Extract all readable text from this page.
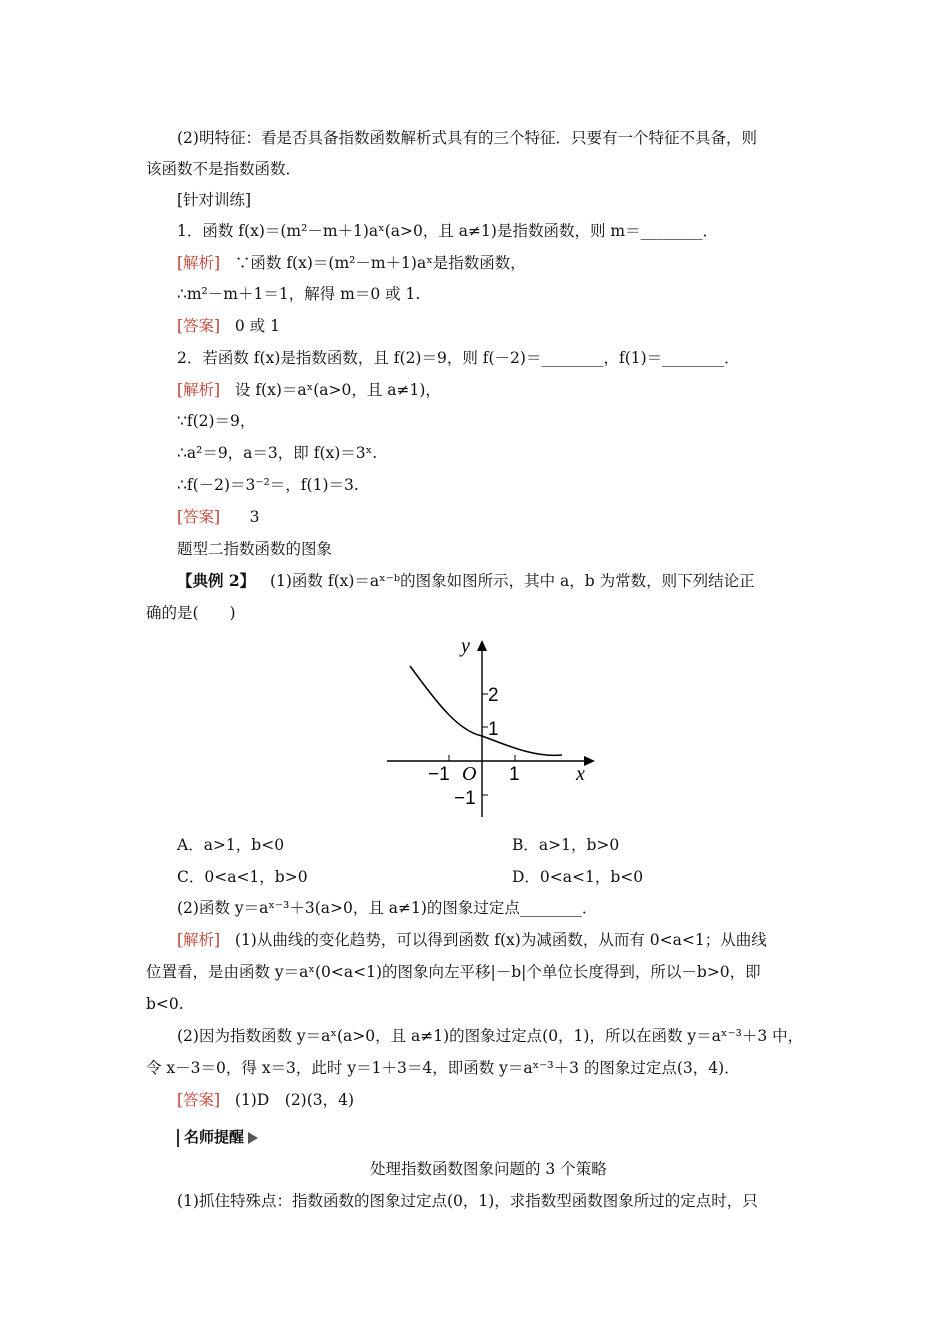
(2)明特征：看是否具备指数函数解析式具有的三个特征．只要有一个特征不具备，则
该函数不是指数函数．
[针对训练]
1．函数 f(x)＝(m²－m＋1)aˣ(a>0，且 a≠1)是指数函数，则 m＝________．
[解析] ∵函数 f(x)＝(m²－m＋1)aˣ是指数函数，
∴m²－m＋1＝1，解得 m＝0 或 1.
[答案] 0 或 1
2．若函数 f(x)是指数函数，且 f(2)＝9，则 f(－2)＝________，f(1)＝________．
[解析] 设 f(x)＝aˣ(a>0，且 a≠1)，
∵f(2)＝9，
∴a²＝9，a＝3，即 f(x)＝3ˣ.
∴f(－2)＝3⁻²＝，f(1)＝3.
[答案] 3
题型二指数函数的图象
【典例 2】 (1)函数 f(x)＝aˣ⁻ᵇ的图象如图所示，其中 a，b 为常数，则下列结论正
确的是(　　)
y
x
O
2
1
−1	1
−1
A．a>1，b<0	B．a>1，b>0
C．0<a<1，b>0	D．0<a<1，b<0
(2)函数 y＝aˣ⁻³＋3(a>0，且 a≠1)的图象过定点________．
[解析] (1)从曲线的变化趋势，可以得到函数 f(x)为减函数，从而有 0<a<1；从曲线
位置看，是由函数 y＝aˣ(0<a<1)的图象向左平移|－b|个单位长度得到，所以－b>0，即
b<0.
(2)因为指数函数 y＝aˣ(a>0，且 a≠1)的图象过定点(0，1)，所以在函数 y＝aˣ⁻³＋3 中，
令 x－3＝0，得 x＝3，此时 y＝1＋3＝4，即函数 y＝aˣ⁻³＋3 的图象过定点(3，4)．
[答案] (1)D　(2)(3，4)
名师提醒
处理指数函数图象问题的 3 个策略
(1)抓住特殊点：指数函数的图象过定点(0，1)，求指数型函数图象所过的定点时，只
